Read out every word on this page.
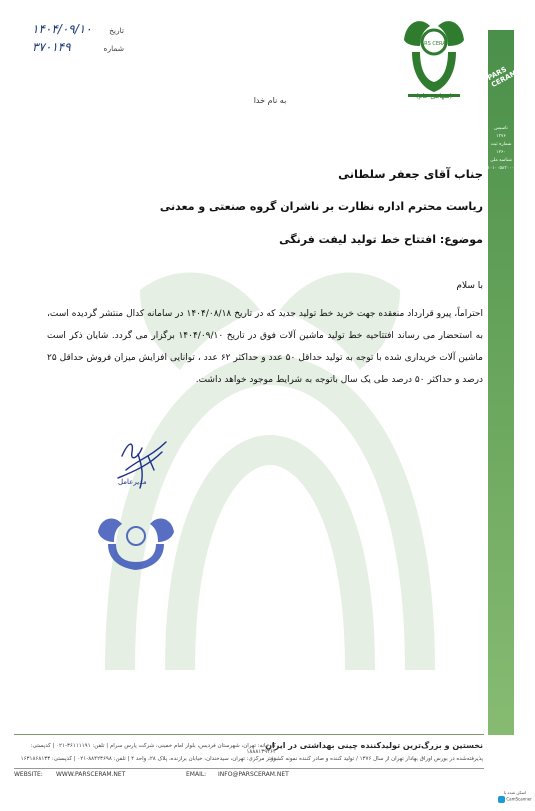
PARS CERAM
تاسیس
۱۳۷۶
شماره ثبت
۱۲۶۰
شناسه ملی
۱۰۱۰۰۵۸۳۰۰۰
PARS CERAM
(سهامی عام)
۱۴۰۴/۰۹/۱۰ تاریخ
۳۷۰۱۴۹	شماره
به نام خدا
جناب آقای جعفر سلطانی
ریاست محترم اداره نظارت بر ناشران گروه صنعتی و معدنی
موضوع: افتتاح خط تولید لیفت فرنگی
با سلام
احتراماً، پیرو قرارداد منعقده جهت خرید خط تولید جدید که در تاریخ ۱۴۰۴/۰۸/۱۸ در سامانه کدال منتشر گردیده است، به استحضار می رساند افتتاحیه خط تولید ماشین آلات فوق در تاریخ ۱۴۰۴/۰۹/۱۰ برگزار می گردد. شایان ذکر است ماشین آلات خریداری شده با توجه به تولید حداقل ۵۰ عدد و حداکثر ۶۲ عدد ، توانایی افزایش میزان فروش حداقل ۲۵ درصد و حداکثر ۵۰ درصد طی یک سال باتوجه به شرایط موجود خواهد داشت.
مدیرعامل
نخستین و بزرگ‌ترین تولیدکننده چینی بهداشتی در ایران
پذیرفته‌شده در بورس اوراق بهادار تهران از سال ۱۳۷۶ / تولید کننده و صادر کننده نمونه کشور
کارخانه: تهران، شهرستان فردیس، بلوار امام خمینی، شرکت پارس سرام | تلفن: ۳۶۱۱۱۱۹۱-۰۲۱ | کدپستی: ۱۸۸۸۱۳۹۴۶۲
دفتر مرکزی: تهران، سیدخندان، خیابان برازنده، پلاک ۲۸، واحد ۴ | تلفن: ۸۸۴۲۳۶۹۸-۰۲۱ | کدپستی: ۱۶۳۱۸۶۸۱۳۳
WEBSITE: WWW.PARSCERAM.NET	EMAIL: INFO@PARSCERAM.NET
اسکن شده با
CamScanner
